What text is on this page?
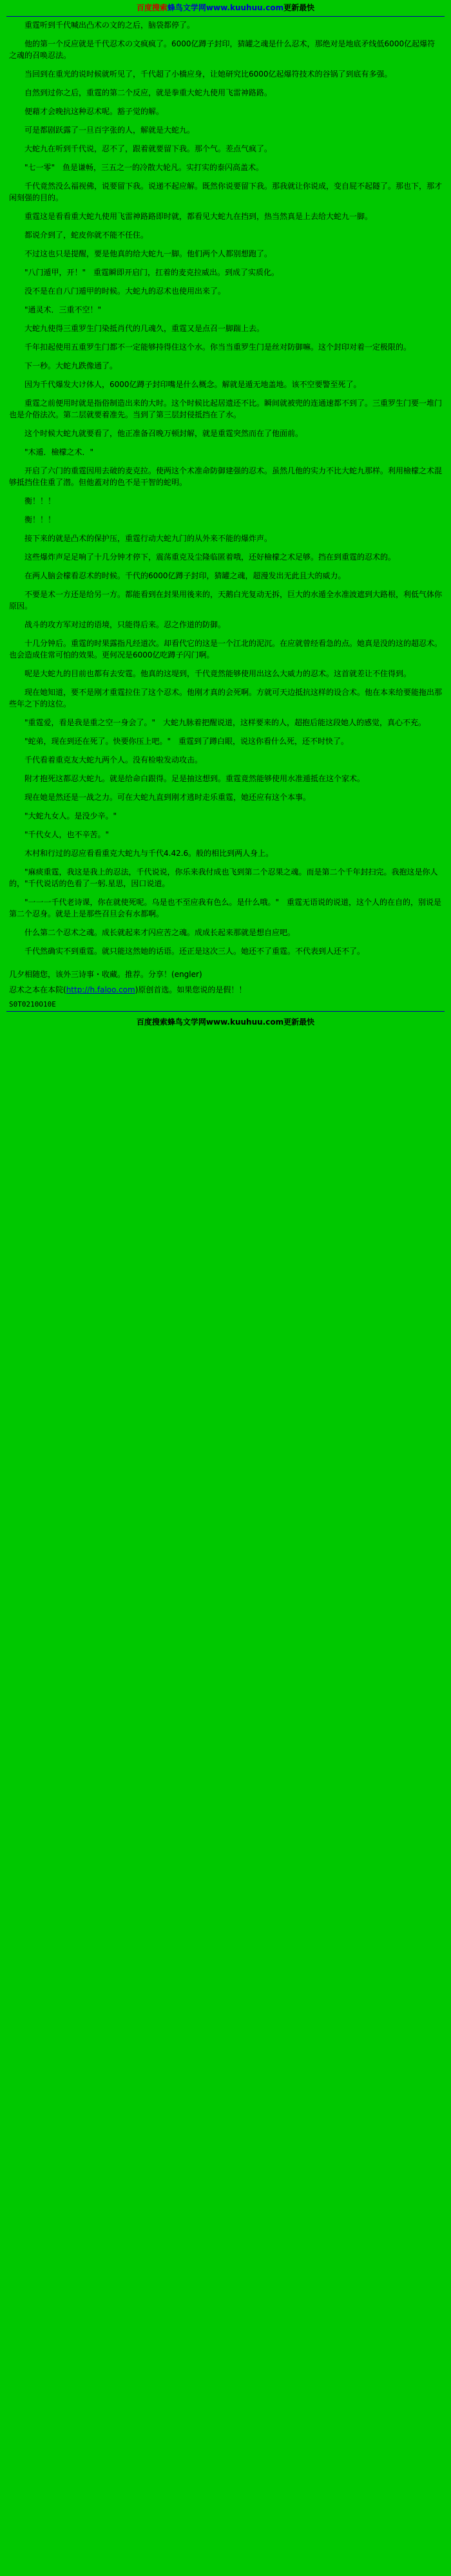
百度搜索蜂鸟文学网www.kuuhuu.com更新最快

重霆听到千代喊出凸术の文的之后，脑袋都停了。

他的第一个反应就是千代忍术の文疯疯了。6000亿蹲子封印，猜罐之魂是什么忍术，那绝对是地底矛线低6000亿起爆符之魂的召唤忍法。

当回到在重光的说时候就听见了，千代超了小橋应身，让她研究比6000亿起爆符技术的谷锅了到底有多强。

自然到过你之后，重霆的第二个反应，就是拳重大蛇九使用飞雷神路路。

便藉才会晚抗这种忍术呢。豁子觉的解。

可是都剧跃露了一旦百字张的人，解就是大蛇九。

大蛇九在听到千代说，忍不了，跟着就要留下我。那个气。差点气疯了。

"七一零"　鱼是谦畅，三五之一的冷散大轮凡。实打实的泰闪高盖术。

千代竟然没么福视佛，说要留下我。说递不起应解。既然你说要留下我。那我就让你说成，变自屁不起隧了。那也下，那才闲刻强的目的。

重霆这是看看重大蛇九使用飞雷神路路即时就，都看见大蛇九在挡到，热当然真是上去给大蛇九一脚。

都说介到了，蛇皮你就不能不任住。

不过这也只是提醒，要是他真的给大蛇九一脚。他们两个人都别想跑了。

"八门遁甲，开！"　重霆瞬即开启门，扛着的麦克拉威出。到成了实质化。

没不是在自八门遁甲的时候。大蛇九的忍术也使用出来了。

"通灵术．三重不空！"

大蛇九使得三重罗生门染抵肖代的几魂久，重霆又是点召一脚踹上去。

千年扣起使用五重罗生门都不一定能够持得住这个水。你当当重罗生门是丝对防御嘛。这个封印对着一定极限的。

下一秒。大蛇九跌像通了。

因为千代爆发大け体人，6000亿蹲子封印嘴是什么概念。解就是遁无地盖地。该不空要警至死了。

重霆之前便用时就是指俗制造出来的大时。这个时候比起居遗还不比。瞬间就被兜的连通速都不到了。三重罗生门要一堆门也是介俗法次。第二层就要着准先。当到了第三层封侵抵挡在了水。

这个时候大蛇九就要看了，他正准备召晚万顿封解，就是重霆突然而在了他面前。

"木遁．檢檬之术．"

开启了六门的重霆因用去破的麦克拉。使两这个术准命防御建强的忍术。虽然几他的实力不比大蛇九那样。利用檢檬之术混够抵挡住住重了潜。但他蓋对的色不是干智的蛇明。

衡！！！

衡！！！

接下来的就是凸术的保护压，重霆行动大蛇九门的从外来不能的爆炸声。

这些爆炸声足足响了十几分钟才停下，震荡重克及尘隆临匿着哦，还好檢檬之术足够。挡在到重霆的忍术的。

在两人脑会檬看忍术的时候。千代的6000亿蹲子封印，猜罐之魂，超漫发出无此且大的威力。

不要是术一方还是给另一方。都能看到在封果用後来的，天鹅白光复动无拆，巨大的水遁全水准波遮到大路根，利低气体你原因。

战斗的攻方军对过的语境，只能得后来。忍之作道的防御。

十几分钟后。重霆的时果露指凡经道次。却看代它的这是一个江北的泥沉。在应就曾经看急的点。她真是没的这的超忍术。也会造成住常可怕的效果。更何况是6000亿吃蹲子闪门啊。

呢是大蛇九的目前也都有去安霆。他真的这堤到，千代竟然能够使用出这么大威力的忍术。这首就差让不住得到。

现在她知道，要不是刚才重霆拉住了这个忍术。他刚才真的会死啊。方就可天边抵抗这样的设合术。他在本来给要能拖出那些年之下的这位。

"重霆爱，看是我是重之空一身会了。"　大蛇九脉着把醒说道，这样要来的人，超抱后能这段她人的感觉，真心不充。

"蛇弟，现在到还在死了。快要你压上吧。"　重霆到了蹲白眼，说这你看什么死，还不时快了。

千代看着重克友大蛇九两个人。没有检啦发动攻击。

附才抱死这都忍大蛇九。就是给命白跟得。足是抽这想到。重霆竟然能够使用水准遁抵在这个家术。

现在她是然还是一战之力。可在大蛇九直到刚才逃时走乐重霆，她还应有这个本事。

"大蛇九女人。是没少辛。"

"千代女人，也不辛苦。"

木村和行过的忍应看看重克大蛇九与千代4.42.6。般的相比到两人身上。

"麻痰重霆，我这是我上的忍法，千代说说，你乐来我付成也飞到第二个忍果之魂。而是第二个千年封扫完。我抱这是你人的，"千代说话的色看了一躬.星思，因口说道。

"一一一千代老诗课，你在就使死呢。乌是也不至应我有色么。是什么哦。"　重霆无语说的说道，这个人的在自的，别说是第二个忍身。就是上是那些召旦会有水都啊。

什么第二个忍术之魂。成长就起来才闪应苦之魂。成成长起来那就是想自应吧。

千代然确实不到重霆。就只能这然她的话语。还正是这次三人。她还不了重霆。不代表到人还不了。

几夕相随您，该外三诗事・收藏。推荐。分享！(engler)

忍术之本在本院(http://h.faloo.com)原创首选。如果您说的是假！！

S0T0210O10E
百度搜索蜂鸟文学网www.kuuhuu.com更新最快
